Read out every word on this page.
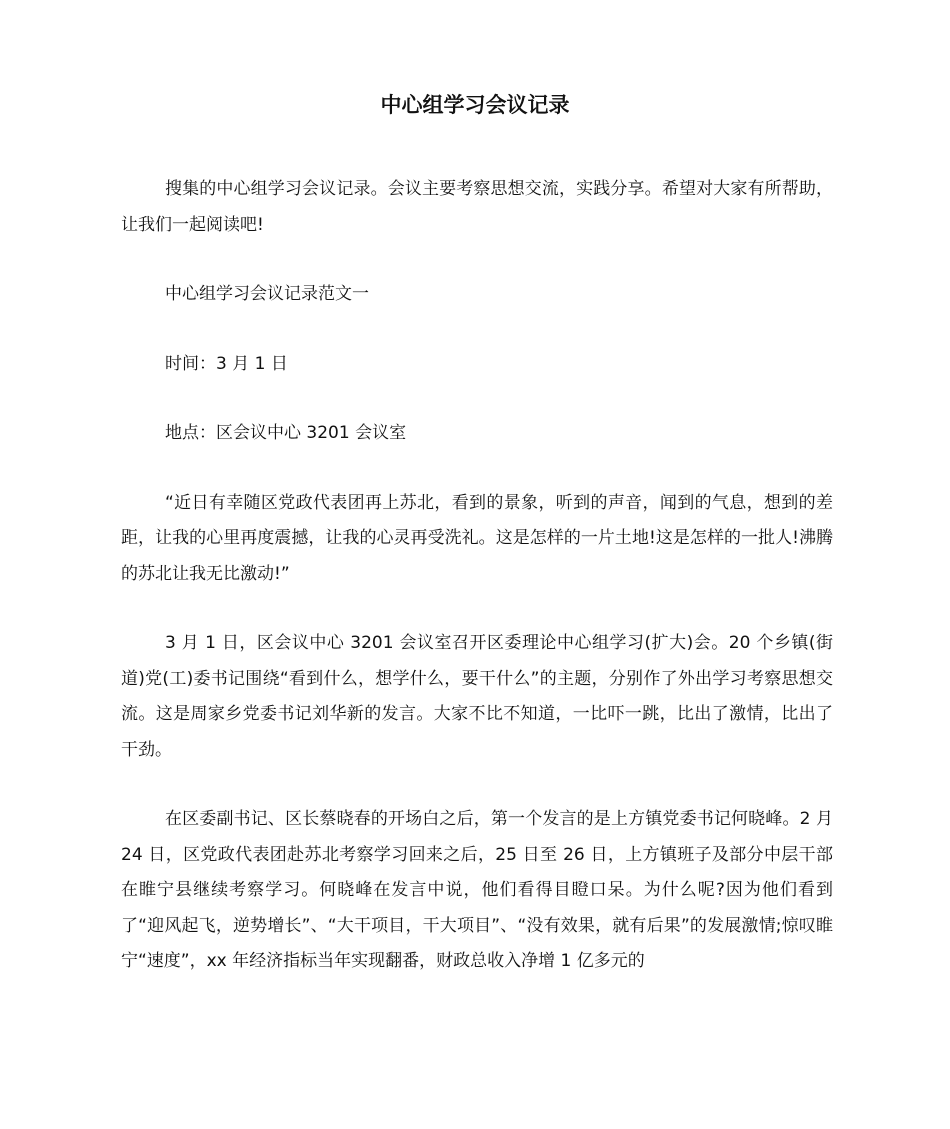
中心组学习会议记录

搜集的中心组学习会议记录。会议主要考察思想交流，实践分享。希望对大家有所帮助，让我们一起阅读吧!

中心组学习会议记录范文一

时间：3 月 1 日

地点：区会议中心 3201 会议室

“近日有幸随区党政代表团再上苏北，看到的景象，听到的声音，闻到的气息，想到的差距，让我的心里再度震撼，让我的心灵再受洗礼。这是怎样的一片土地!这是怎样的一批人!沸腾的苏北让我无比激动!”

3 月 1 日，区会议中心 3201 会议室召开区委理论中心组学习(扩大)会。20 个乡镇(街道)党(工)委书记围绕“看到什么，想学什么，要干什么”的主题，分别作了外出学习考察思想交流。这是周家乡党委书记刘华新的发言。大家不比不知道，一比吓一跳，比出了激情，比出了干劲。

在区委副书记、区长蔡晓春的开场白之后，第一个发言的是上方镇党委书记何晓峰。2 月 24 日，区党政代表团赴苏北考察学习回来之后，25 日至 26 日，上方镇班子及部分中层干部在睢宁县继续考察学习。何晓峰在发言中说，他们看得目瞪口呆。为什么呢?因为他们看到了“迎风起飞，逆势增长”、“大干项目，干大项目”、“没有效果，就有后果”的发展激情;惊叹睢宁“速度”，xx 年经济指标当年实现翻番，财政总收入净增 1 亿多元的
